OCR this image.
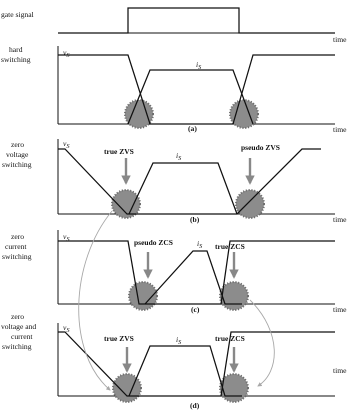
gate signal
time
hard
switching
time
$v_S$
$i_S$
(a)
zero
voltage
switching
time
true ZVS	pseudo ZVS
$v_S$
$i_S$
(b)
zero
current
switching
time
pseudo ZCS	true ZCS
$v_S$	$i_S$
(c)
zero
voltage and
current
switching
time
true ZVS	true ZCS
$v_S$
$i_S$
(d)
